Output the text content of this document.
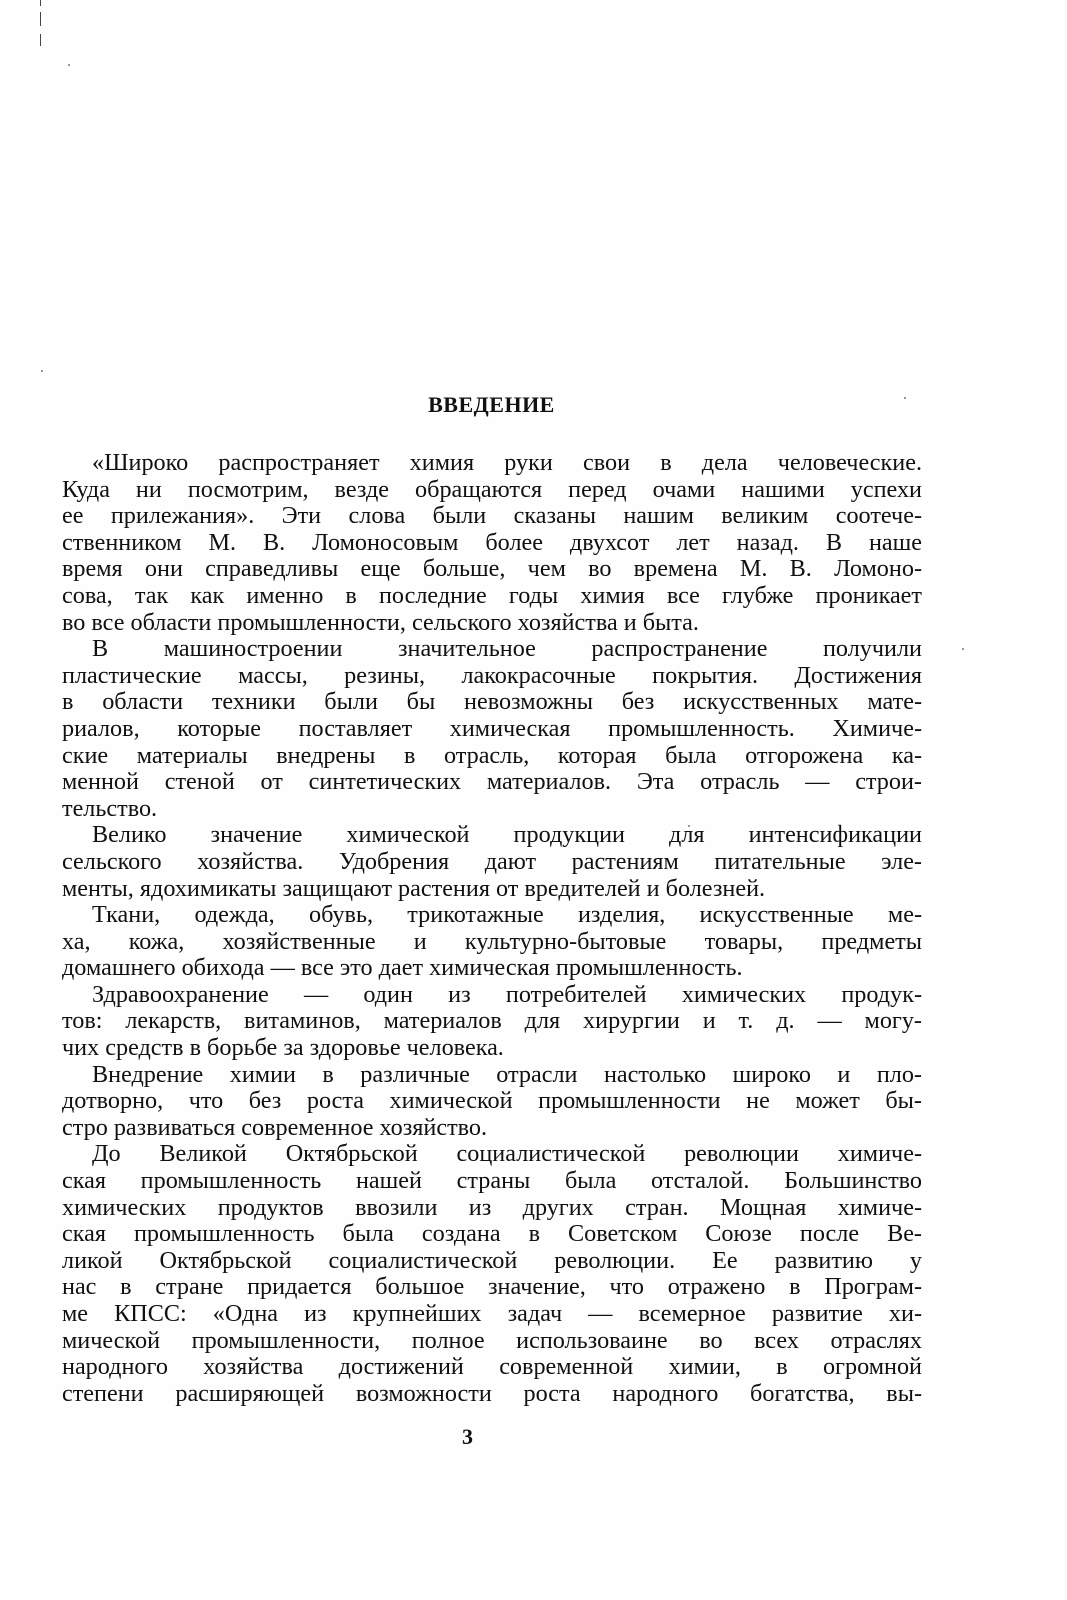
ВВЕДЕНИЕ
«Широко распространяет химия руки свои в дела человеческие.
Куда ни посмотрим, везде обращаются перед очами нашими успехи
ее прилежания». Эти слова были сказаны нашим великим соотече-
ственником М. В. Ломоносовым более двухсот лет назад. В наше
время они справедливы еще больше, чем во времена М. В. Ломоно-
сова, так как именно в последние годы химия все глубже проникает
во все области промышленности, сельского хозяйства и быта.
В машиностроении значительное распространение получили
пластические массы, резины, лакокрасочные покрытия. Достижения
в области техники были бы невозможны без искусственных мате-
риалов, которые поставляет химическая промышленность. Химиче-
ские материалы внедрены в отрасль, которая была отгорожена ка-
менной стеной от синтетических материалов. Эта отрасль — строи-
тельство.
Велико значение химической продукции для интенсификации
сельского хозяйства. Удобрения дают растениям питательные эле-
менты, ядохимикаты защищают растения от вредителей и болезней.
Ткани, одежда, обувь, трикотажные изделия, искусственные ме-
ха, кожа, хозяйственные и культурно-бытовые товары, предметы
домашнего обихода — все это дает химическая промышленность.
Здравоохранение — один из потребителей химических продук-
тов: лекарств, витаминов, материалов для хирургии и т. д. — могу-
чих средств в борьбе за здоровье человека.
Внедрение химии в различные отрасли настолько широко и пло-
дотворно, что без роста химической промышленности не может бы-
стро развиваться современное хозяйство.
До Великой Октябрьской социалистической революции химиче-
ская промышленность нашей страны была отсталой. Большинство
химических продуктов ввозили из других стран. Мощная химиче-
ская промышленность была создана в Советском Союзе после Ве-
ликой Октябрьской социалистической революции. Ее развитию у
нас в стране придается большое значение, что отражено в Програм-
ме КПСС: «Одна из крупнейших задач — всемерное развитие хи-
мической промышленности, полное использоваине во всех отраслях
народного хозяйства достижений современной химии, в огромной
степени расширяющей возможности роста народного богатства, вы-
3
